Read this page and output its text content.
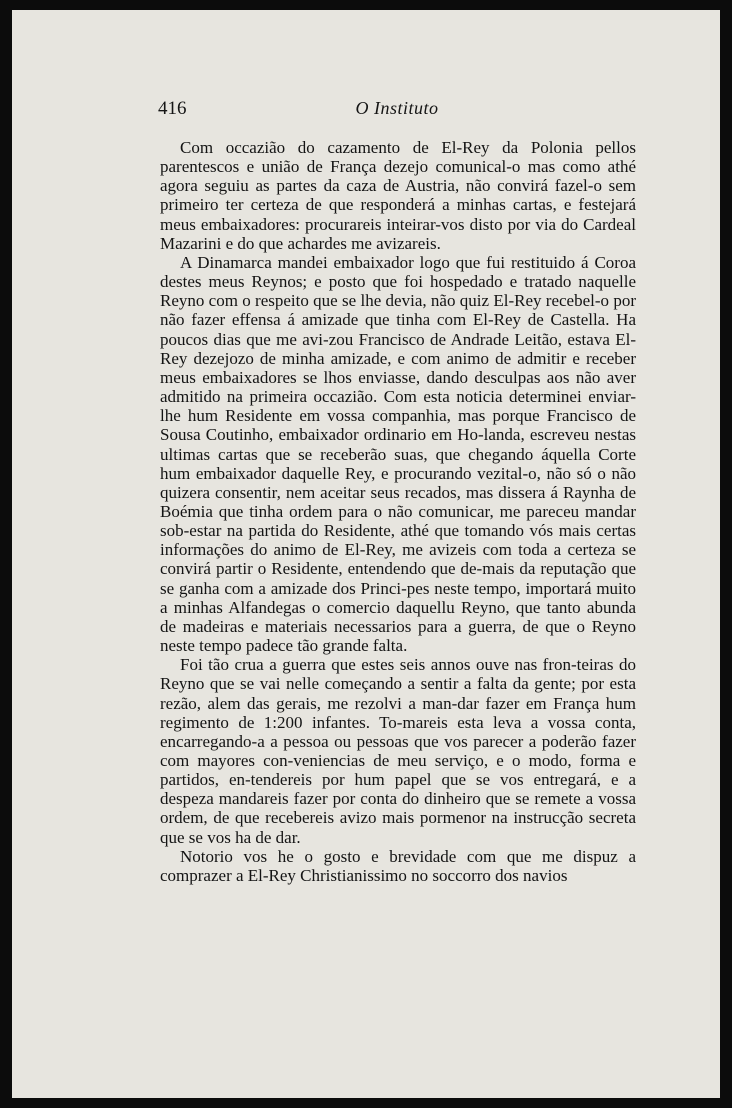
416	O Instituto

Com occazião do cazamento de El-Rey da Polonia pellos parentescos e união de França dezejo comunical-o mas como athé agora seguiu as partes da caza de Austria, não convirá fazel-o sem primeiro ter certeza de que responderá a minhas cartas, e festejará meus embaixadores: procurareis inteirar-vos disto por via do Cardeal Mazarini e do que achardes me avizareis.

A Dinamarca mandei embaixador logo que fui restituido á Coroa destes meus Reynos; e posto que foi hospedado e tratado naquelle Reyno com o respeito que se lhe devia, não quiz El-Rey recebel-o por não fazer effensa á amizade que tinha com El-Rey de Castella. Ha poucos dias que me avi-zou Francisco de Andrade Leitão, estava El-Rey dezejozo de minha amizade, e com animo de admitir e receber meus embaixadores se lhos enviasse, dando desculpas aos não aver admitido na primeira occazião. Com esta noticia determinei enviar-lhe hum Residente em vossa companhia, mas porque Francisco de Sousa Coutinho, embaixador ordinario em Ho-landa, escreveu nestas ultimas cartas que se receberão suas, que chegando áquella Corte hum embaixador daquelle Rey, e procurando vezital-o, não só o não quizera consentir, nem aceitar seus recados, mas dissera á Raynha de Boémia que tinha ordem para o não comunicar, me pareceu mandar sob-estar na partida do Residente, athé que tomando vós mais certas informações do animo de El-Rey, me avizeis com toda a certeza se convirá partir o Residente, entendendo que de-mais da reputação que se ganha com a amizade dos Princi-pes neste tempo, importará muito a minhas Alfandegas o comercio daquellu Reyno, que tanto abunda de madeiras e materiais necessarios para a guerra, de que o Reyno neste tempo padece tão grande falta.

Foi tão crua a guerra que estes seis annos ouve nas fron-teiras do Reyno que se vai nelle começando a sentir a falta da gente; por esta rezão, alem das gerais, me rezolvi a man-dar fazer em França hum regimento de 1:200 infantes. To-mareis esta leva a vossa conta, encarregando-a a pessoa ou pessoas que vos parecer a poderão fazer com mayores con-veniencias de meu serviço, e o modo, forma e partidos, en-tendereis por hum papel que se vos entregará, e a despeza mandareis fazer por conta do dinheiro que se remete a vossa ordem, de que recebereis avizo mais pormenor na instrucção secreta que se vos ha de dar.

Notorio vos he o gosto e brevidade com que me dispuz a comprazer a El-Rey Christianissimo no soccorro dos navios
